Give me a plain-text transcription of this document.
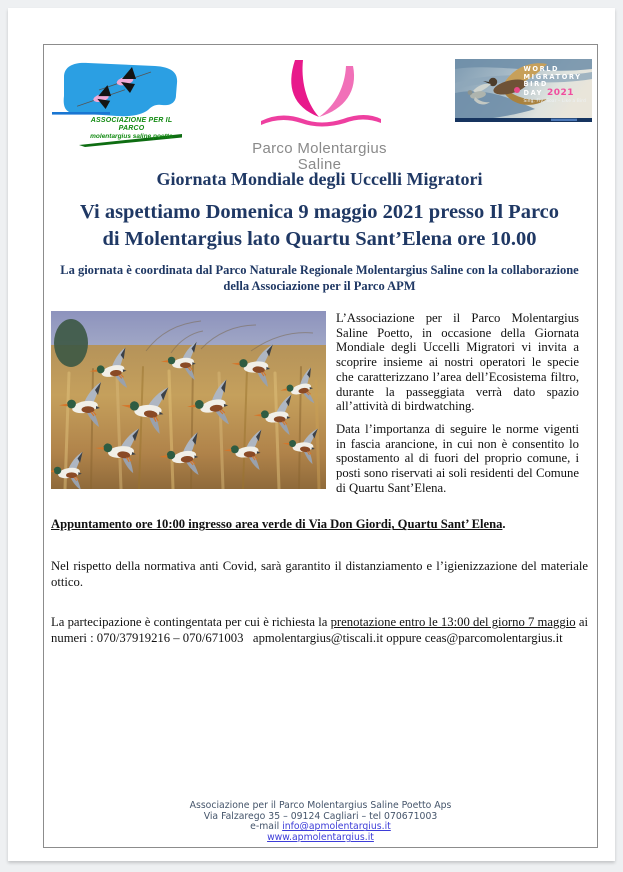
ASSOCIAZIONE PER IL PARCO
molentargius saline poetto
Parco Molentargius Saline
WORLD
MIGRATORY
BIRD
DAY 2021
Sing, Fly, Soar – Like a Bird
Giornata Mondiale degli Uccelli Migratori
Vi aspettiamo Domenica 9 maggio 2021 presso Il Parco
di Molentargius lato Quartu Sant’Elena ore 10.00
La giornata è coordinata dal Parco Naturale Regionale Molentargius Saline con la collaborazione
della Associazione per il Parco APM

L’Associazione per il Parco Molentargius Saline Poetto, in occasione della Giornata Mondiale degli Uccelli Migratori vi invita a scoprire insieme ai nostri operatori le specie che caratterizzano l’area dell’Ecosistema filtro, durante la passeggiata verrà dato spazio all’attività di birdwatching.

Data l’importanza di seguire le norme vigenti in fascia arancione, in cui non è consentito lo spostamento al di fuori del proprio comune, i posti sono riservati ai soli residenti del Comune di Quartu Sant’Elena.

Appuntamento ore 10:00 ingresso area verde di Via Don Giordi, Quartu Sant’ Elena.

Nel rispetto della normativa anti Covid, sarà garantito il distanziamento e l’igienizzazione del materiale ottico.

La partecipazione è contingentata per cui è richiesta la prenotazione entro le 13:00 del giorno 7 maggio ai numeri : 070/37919216 – 070/671003   apmolentargius@tiscali.it oppure ceas@parcomolentargius.it

Associazione per il Parco Molentargius Saline Poetto Aps
Via Falzarego 35 – 09124 Cagliari – tel 070671003
e-mail info@apmolentargius.it
www.apmolentargius.it
